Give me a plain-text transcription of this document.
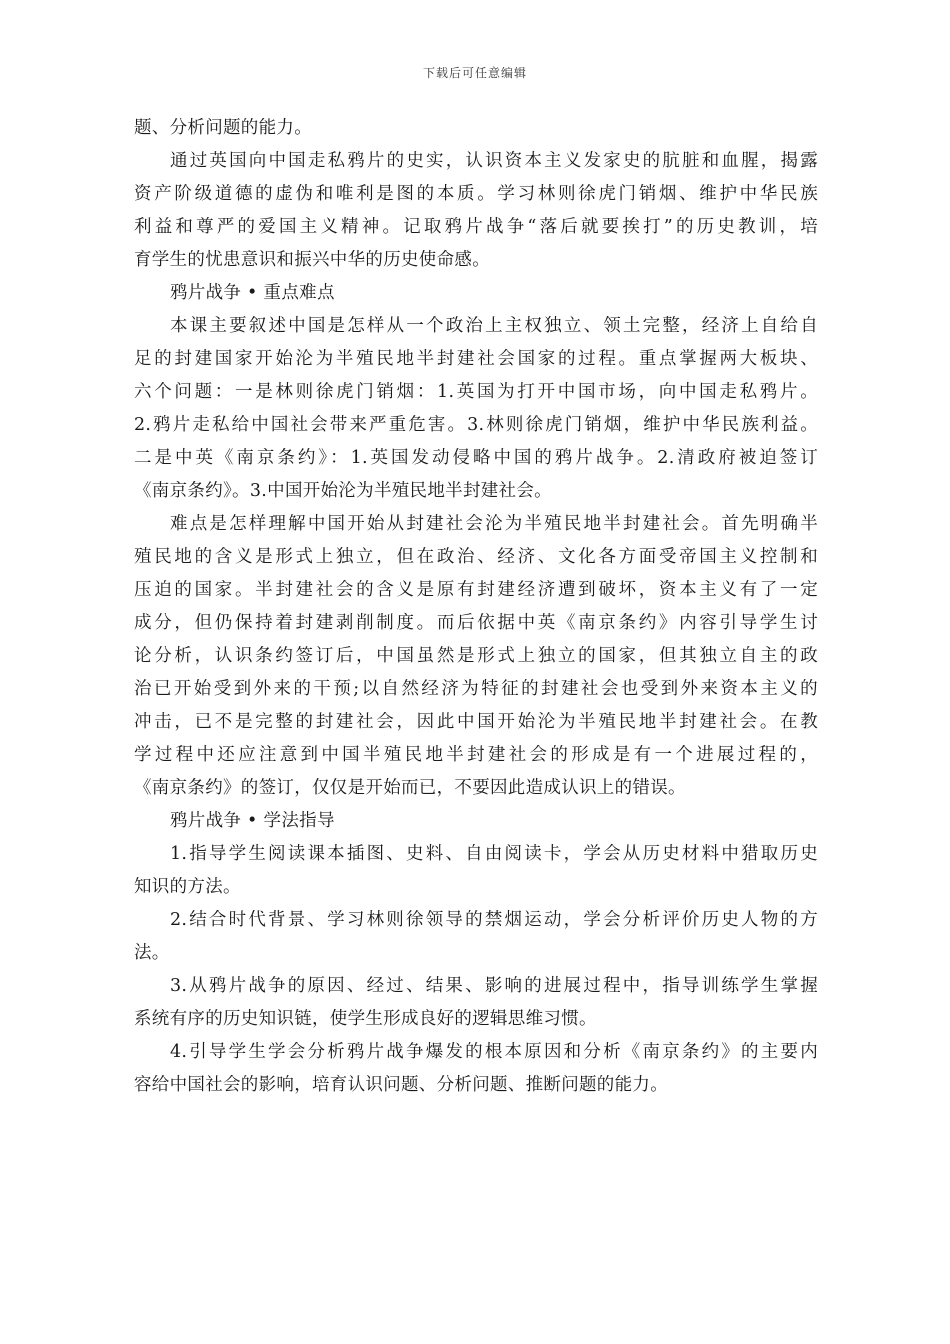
下载后可任意编辑
题、分析问题的能力。
通过英国向中国走私鸦片的史实，认识资本主义发家史的肮脏和血腥，揭露
资产阶级道德的虚伪和唯利是图的本质。学习林则徐虎门销烟、维护中华民族
利益和尊严的爱国主义精神。记取鸦片战争“落后就要挨打”的历史教训，培
育学生的忧患意识和振兴中华的历史使命感。
鸦片战争 • 重点难点
本课主要叙述中国是怎样从一个政治上主权独立、领土完整，经济上自给自
足的封建国家开始沦为半殖民地半封建社会国家的过程。重点掌握两大板块、
六个问题：一是林则徐虎门销烟：1.英国为打开中国市场，向中国走私鸦片。
2.鸦片走私给中国社会带来严重危害。3.林则徐虎门销烟，维护中华民族利益。
二是中英《南京条约》：1.英国发动侵略中国的鸦片战争。2.清政府被迫签订
《南京条约》。3.中国开始沦为半殖民地半封建社会。
难点是怎样理解中国开始从封建社会沦为半殖民地半封建社会。首先明确半
殖民地的含义是形式上独立，但在政治、经济、文化各方面受帝国主义控制和
压迫的国家。半封建社会的含义是原有封建经济遭到破坏，资本主义有了一定
成分，但仍保持着封建剥削制度。而后依据中英《南京条约》内容引导学生讨
论分析，认识条约签订后，中国虽然是形式上独立的国家，但其独立自主的政
治已开始受到外来的干预;以自然经济为特征的封建社会也受到外来资本主义的
冲击，已不是完整的封建社会，因此中国开始沦为半殖民地半封建社会。在教
学过程中还应注意到中国半殖民地半封建社会的形成是有一个进展过程的，
《南京条约》的签订，仅仅是开始而已，不要因此造成认识上的错误。
鸦片战争 • 学法指导
1.指导学生阅读课本插图、史料、自由阅读卡，学会从历史材料中猎取历史
知识的方法。
2.结合时代背景、学习林则徐领导的禁烟运动，学会分析评价历史人物的方
法。
3.从鸦片战争的原因、经过、结果、影响的进展过程中，指导训练学生掌握
系统有序的历史知识链，使学生形成良好的逻辑思维习惯。
4.引导学生学会分析鸦片战争爆发的根本原因和分析《南京条约》的主要内
容给中国社会的影响，培育认识问题、分析问题、推断问题的能力。
